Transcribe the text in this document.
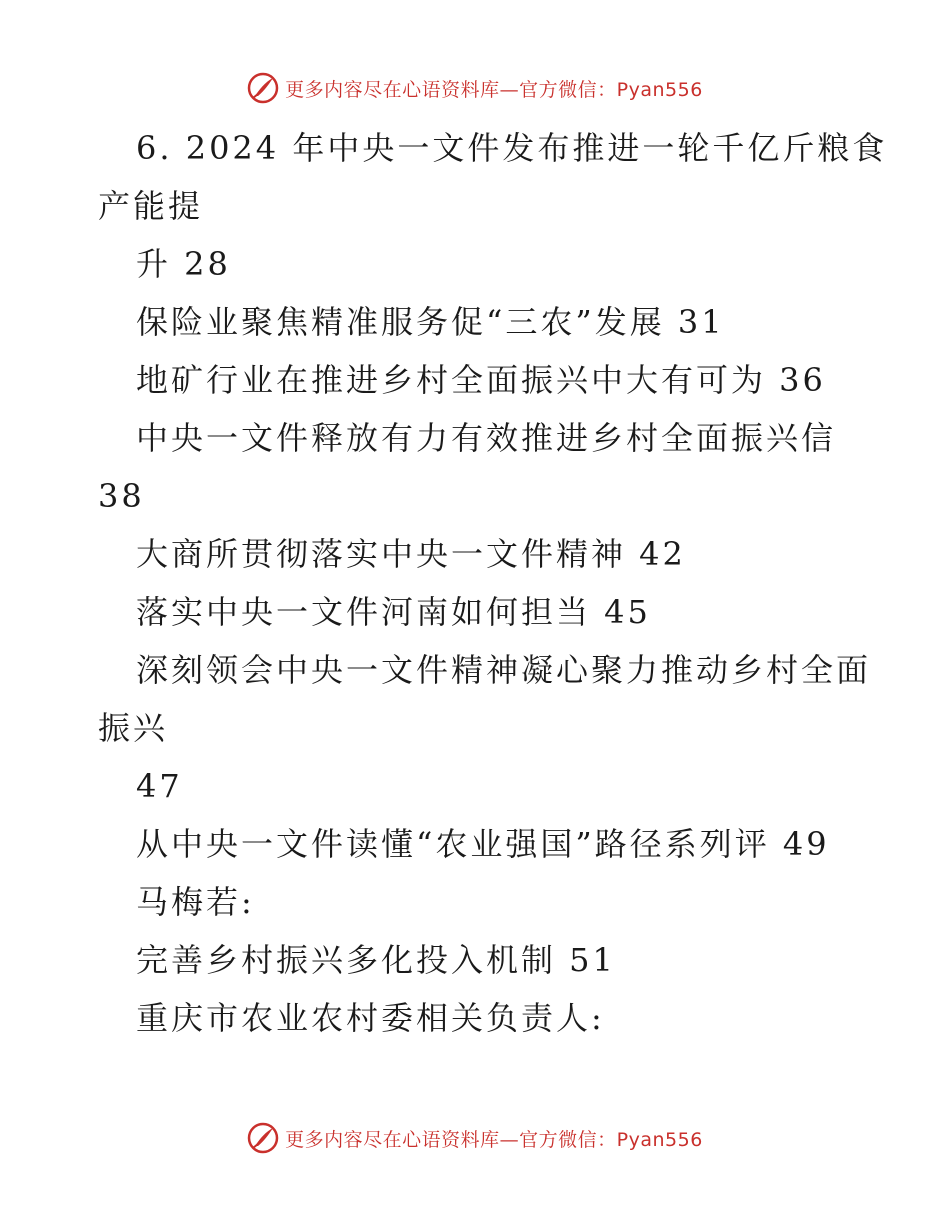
更多内容尽在心语资料库—官方微信：Pyan556
6. 2024 年中央一文件发布推进一轮千亿斤粮食
产能提
升 28
保险业聚焦精准服务促“三农”发展 31
地矿行业在推进乡村全面振兴中大有可为 36
中央一文件释放有力有效推进乡村全面振兴信
38
大商所贯彻落实中央一文件精神 42
落实中央一文件河南如何担当 45
深刻领会中央一文件精神凝心聚力推动乡村全面
振兴
47
从中央一文件读懂“农业强国”路径系列评 49
马梅若:
完善乡村振兴多化投入机制 51
重庆市农业农村委相关负责人:
更多内容尽在心语资料库—官方微信：Pyan556
